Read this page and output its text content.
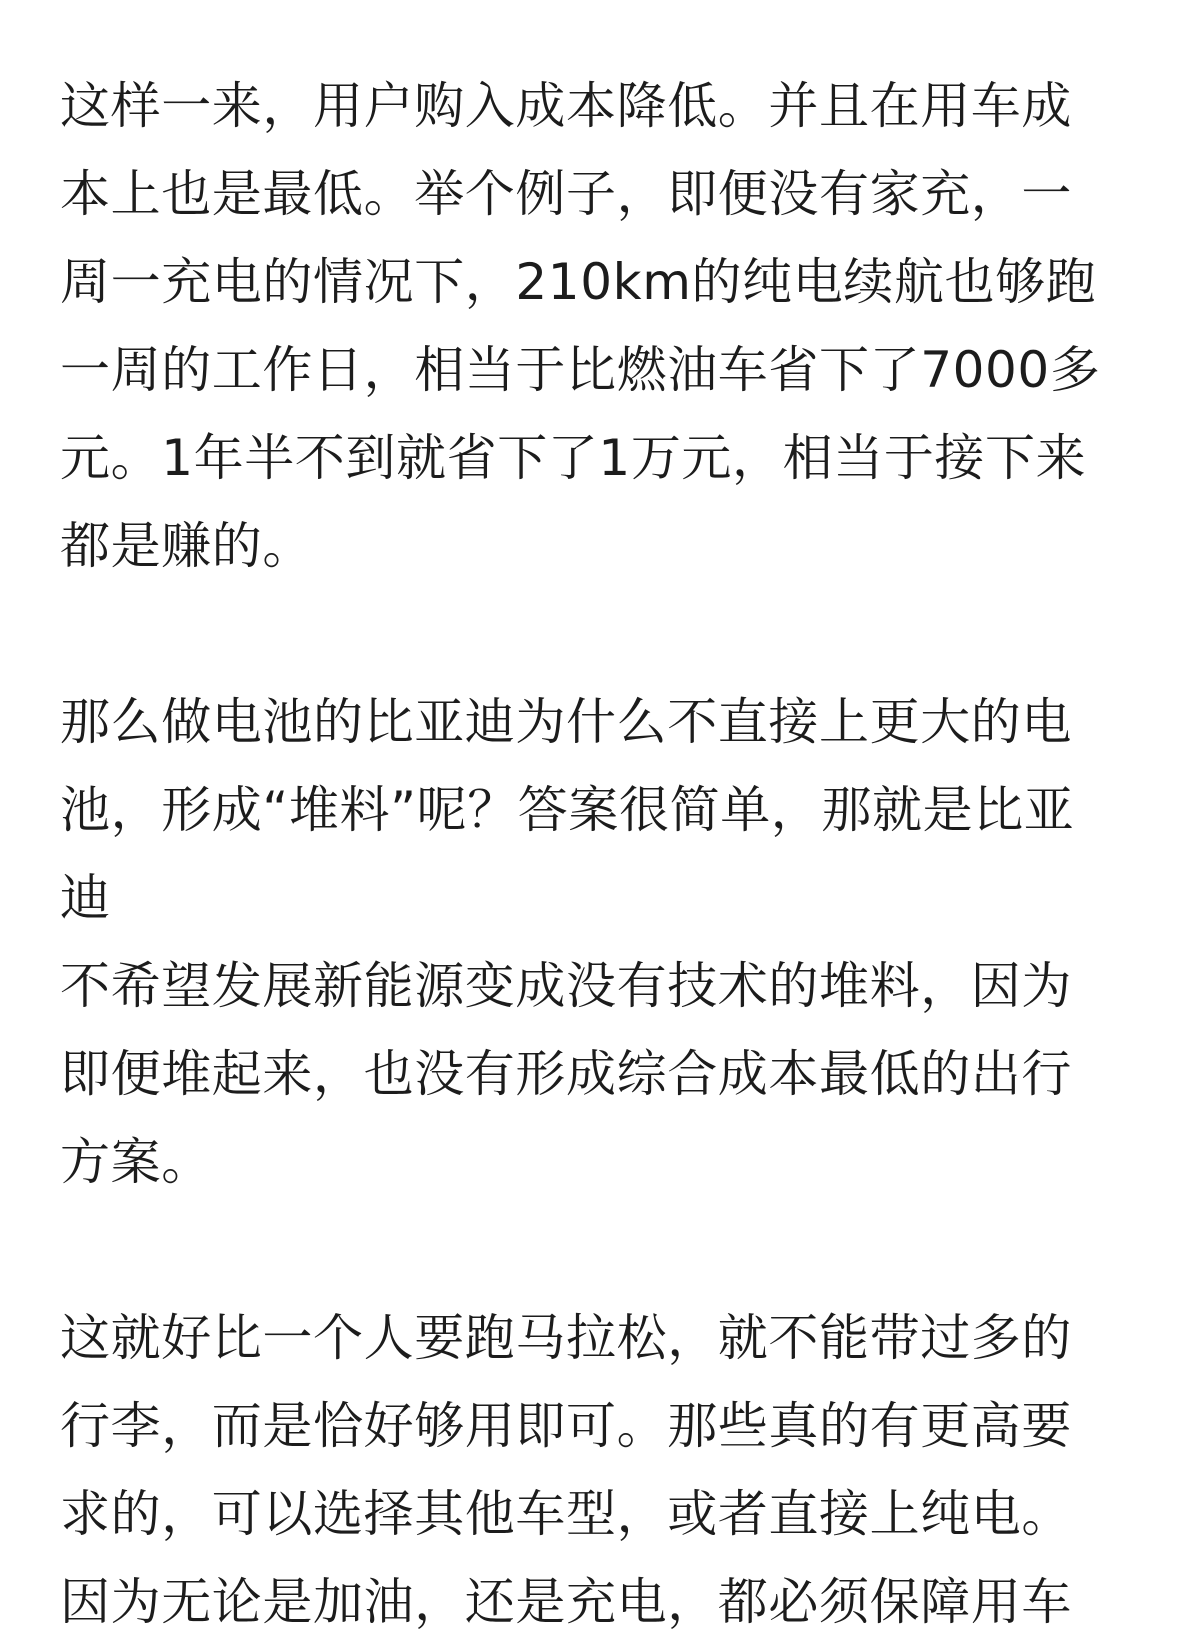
这样一来，用户购入成本降低。并且在用车成
本上也是最低。举个例子，即便没有家充，一
周一充电的情况下，210km的纯电续航也够跑
一周的工作日，相当于比燃油车省下了7000多
元。1年半不到就省下了1万元，相当于接下来
都是赚的。

那么做电池的比亚迪为什么不直接上更大的电
池，形成“堆料”呢？答案很简单，那就是比亚迪
不希望发展新能源变成没有技术的堆料，因为
即便堆起来，也没有形成综合成本最低的出行
方案。

这就好比一个人要跑马拉松，就不能带过多的
行李，而是恰好够用即可。那些真的有更高要
求的，可以选择其他车型，或者直接上纯电。
因为无论是加油，还是充电，都必须保障用车
